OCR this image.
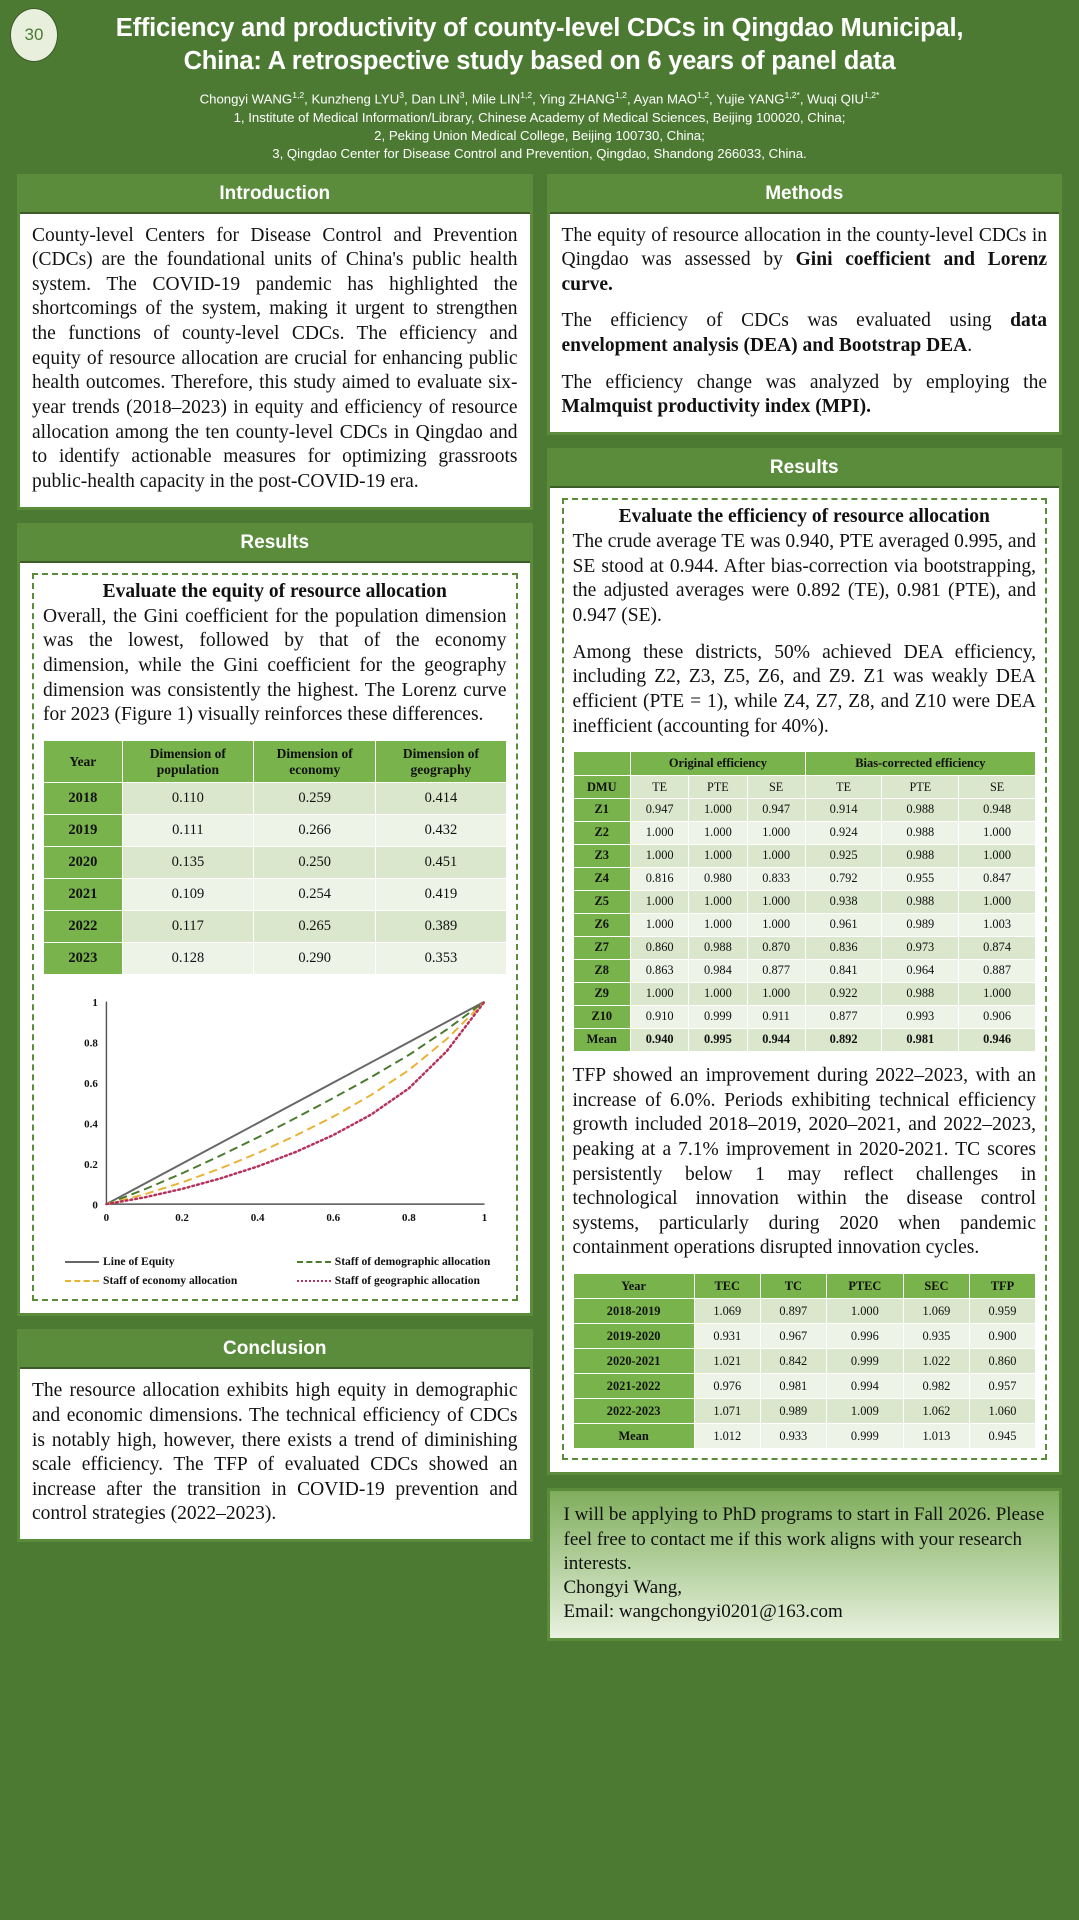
30	Efficiency and productivity of county-level CDCs in Qingdao Municipal, China: A retrospective study based on 6 years of panel data
Chongyi WANG$^{1,2}$, Kunzheng LYU$^3$, Dan LIN$^3$, Mile LIN$^{1,2}$, Ying ZHANG$^{1,2}$, Ayan MAO$^{1,2}$, Yujie $YANG^{1,2*}$, Wuqi $QIU^{1,2*}$
1, Institute of Medical Information/Library, Chinese Academy of Medical Sciences, Beijing 100020, China;
2, Peking Union Medical College, Beijing 100730, China;
3, Qingdao Center for Disease Control and Prevention, Qingdao, Shandong 266033, China.
Introduction

County-level Centers for Disease Control and Prevention (CDCs) are the foundational units of China's public health system. The COVID-19 pandemic has highlighted the shortcomings of the system, making it urgent to strengthen the functions of county-level CDCs. The efficiency and equity of resource allocation are crucial for enhancing public health outcomes. Therefore, this study aimed to evaluate six-year trends (2018–2023) in equity and efficiency of resource allocation among the ten county-level CDCs in Qingdao and to identify actionable measures for optimizing grassroots public-health capacity in the post-COVID-19 era.

Results

Evaluate the equity of resource allocation

Overall, the Gini coefficient for the population dimension was the lowest, followed by that of the economy dimension, while the Gini coefficient for the geography dimension was consistently the highest. The Lorenz curve for 2023 (Figure 1) visually reinforces these differences.

Year	Dimension of population	Dimension of economy	Dimension of geography
2018	0.110	0.259	0.414
2019	0.111	0.266	0.432
2020	0.135	0.250	0.451
2021	0.109	0.254	0.419
2022	0.117	0.265	0.389
2023	0.128	0.290	0.353
0
0.2
0.4
0.6
0.8
1
0	0.2	0.4	0.6	0.8	1
Line of Equity	Staff of demographic allocation
Staff of economy allocation	Staff of geographic allocation
Conclusion

The resource allocation exhibits high equity in demographic and economic dimensions. The technical efficiency of CDCs is notably high, however, there exists a trend of diminishing scale efficiency. The TFP of evaluated CDCs showed an increase after the transition in COVID-19 prevention and control strategies (2022–2023).

Methods

The equity of resource allocation in the county-level CDCs in Qingdao was assessed by Gini coefficient and Lorenz curve.

The efficiency of CDCs was evaluated using data envelopment analysis (DEA) and Bootstrap DEA.

The efficiency change was analyzed by employing the Malmquist productivity index (MPI).

Results

Evaluate the efficiency of resource allocation

The crude average TE was 0.940, PTE averaged 0.995, and SE stood at 0.944. After bias-correction via bootstrapping, the adjusted averages were 0.892 (TE), 0.981 (PTE), and 0.947 (SE).

Among these districts, 50% achieved DEA efficiency, including Z2, Z3, Z5, Z6, and Z9. Z1 was weakly DEA efficient (PTE = 1), while Z4, Z7, Z8, and Z10 were DEA inefficient (accounting for 40%).

	Original efficiency			Bias-corrected efficiency		
DMU	TE	PTE	SE	TE	PTE	SE
Z1	0.947	1.000	0.947	0.914	0.988	0.948
Z2	1.000	1.000	1.000	0.924	0.988	1.000
Z3	1.000	1.000	1.000	0.925	0.988	1.000
Z4	0.816	0.980	0.833	0.792	0.955	0.847
Z5	1.000	1.000	1.000	0.938	0.988	1.000
Z6	1.000	1.000	1.000	0.961	0.989	1.003
Z7	0.860	0.988	0.870	0.836	0.973	0.874
Z8	0.863	0.984	0.877	0.841	0.964	0.887
Z9	1.000	1.000	1.000	0.922	0.988	1.000
Z10	0.910	0.999	0.911	0.877	0.993	0.906
Mean	0.940	0.995	0.944	0.892	0.981	0.946

TFP showed an improvement during 2022–2023, with an increase of 6.0%. Periods exhibiting technical efficiency growth included 2018–2019, 2020–2021, and 2022–2023, peaking at a 7.1% improvement in 2020-2021. TC scores persistently below 1 may reflect challenges in technological innovation within the disease control systems, particularly during 2020 when pandemic containment operations disrupted innovation cycles.

Year	TEC	TC	PTEC	SEC	TFP
2018-2019	1.069	0.897	1.000	1.069	0.959
2019-2020	0.931	0.967	0.996	0.935	0.900
2020-2021	1.021	0.842	0.999	1.022	0.860
2021-2022	0.976	0.981	0.994	0.982	0.957
2022-2023	1.071	0.989	1.009	1.062	1.060
Mean	1.012	0.933	0.999	1.013	0.945

I will be applying to PhD programs to start in Fall 2026. Please feel free to contact me if this work aligns with your research interests.

Chongyi Wang,

Email: wangchongyi0201@163.com
